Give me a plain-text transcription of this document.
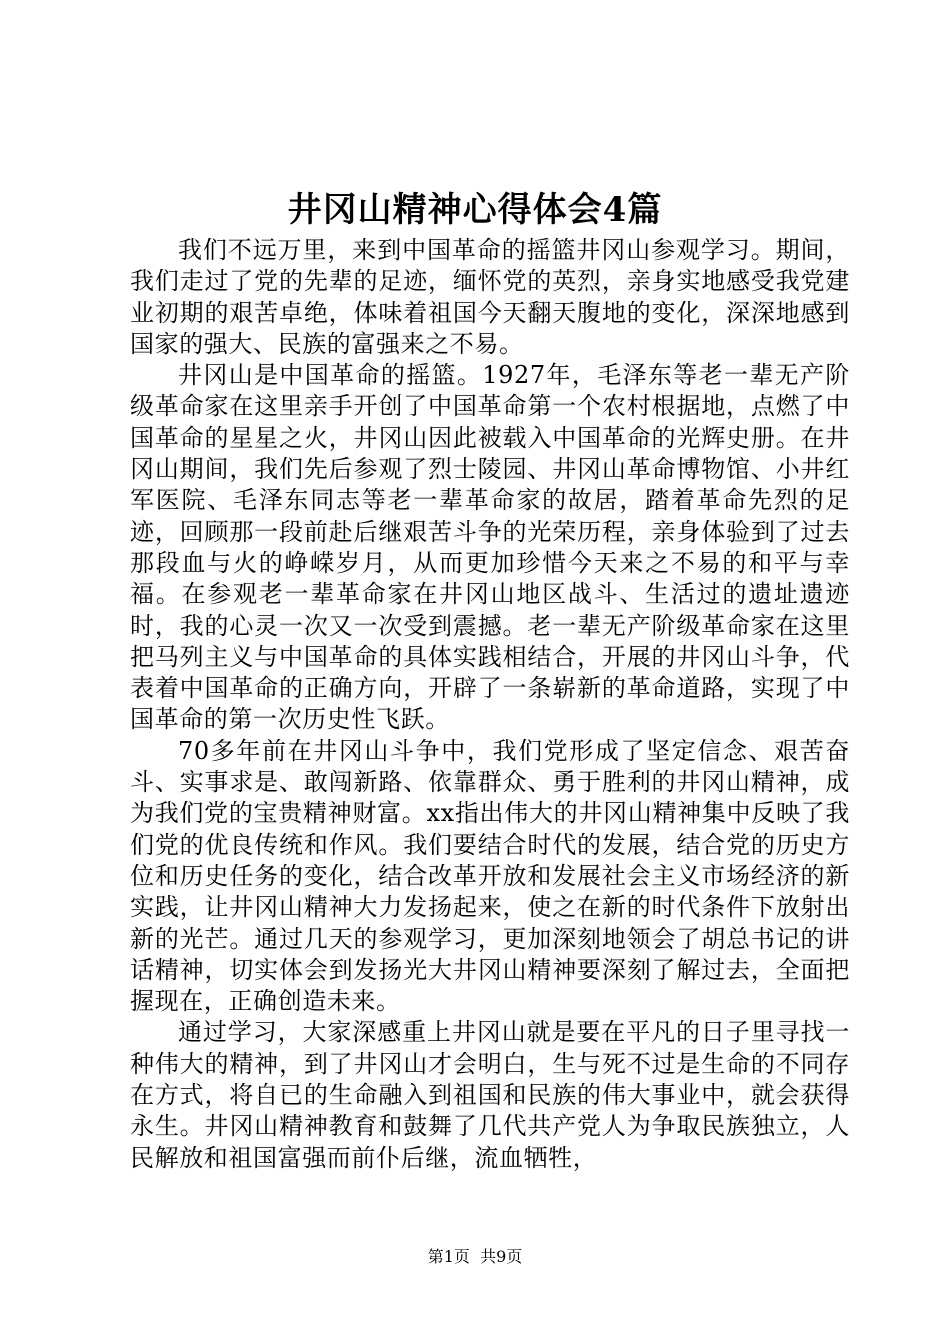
井冈山精神心得体会4篇

我们不远万里，来到中国革命的摇篮井冈山参观学习。期间，我们走过了党的先辈的足迹，缅怀党的英烈，亲身实地感受我党建业初期的艰苦卓绝，体味着祖国今天翻天腹地的变化，深深地感到国家的强大、民族的富强来之不易。

井冈山是中国革命的摇篮。1927年，毛泽东等老一辈无产阶级革命家在这里亲手开创了中国革命第一个农村根据地，点燃了中国革命的星星之火，井冈山因此被载入中国革命的光辉史册。在井冈山期间，我们先后参观了烈士陵园、井冈山革命博物馆、小井红军医院、毛泽东同志等老一辈革命家的故居，踏着革命先烈的足迹，回顾那一段前赴后继艰苦斗争的光荣历程，亲身体验到了过去那段血与火的峥嵘岁月，从而更加珍惜今天来之不易的和平与幸福。在参观老一辈革命家在井冈山地区战斗、生活过的遗址遗迹时，我的心灵一次又一次受到震撼。老一辈无产阶级革命家在这里把马列主义与中国革命的具体实践相结合，开展的井冈山斗争，代表着中国革命的正确方向，开辟了一条崭新的革命道路，实现了中国革命的第一次历史性飞跃。

70多年前在井冈山斗争中，我们党形成了坚定信念、艰苦奋斗、实事求是、敢闯新路、依靠群众、勇于胜利的井冈山精神，成为我们党的宝贵精神财富。xx指出伟大的井冈山精神集中反映了我们党的优良传统和作风。我们要结合时代的发展，结合党的历史方位和历史任务的变化，结合改革开放和发展社会主义市场经济的新实践，让井冈山精神大力发扬起来，使之在新的时代条件下放射出新的光芒。通过几天的参观学习，更加深刻地领会了胡总书记的讲话精神，切实体会到发扬光大井冈山精神要深刻了解过去，全面把握现在，正确创造未来。

通过学习，大家深感重上井冈山就是要在平凡的日子里寻找一种伟大的精神，到了井冈山才会明白，生与死不过是生命的不同存在方式，将自已的生命融入到祖国和民族的伟大事业中，就会获得永生。井冈山精神教育和鼓舞了几代共产党人为争取民族独立，人民解放和祖国富强而前仆后继，流血牺牲，

第1页 共9页
